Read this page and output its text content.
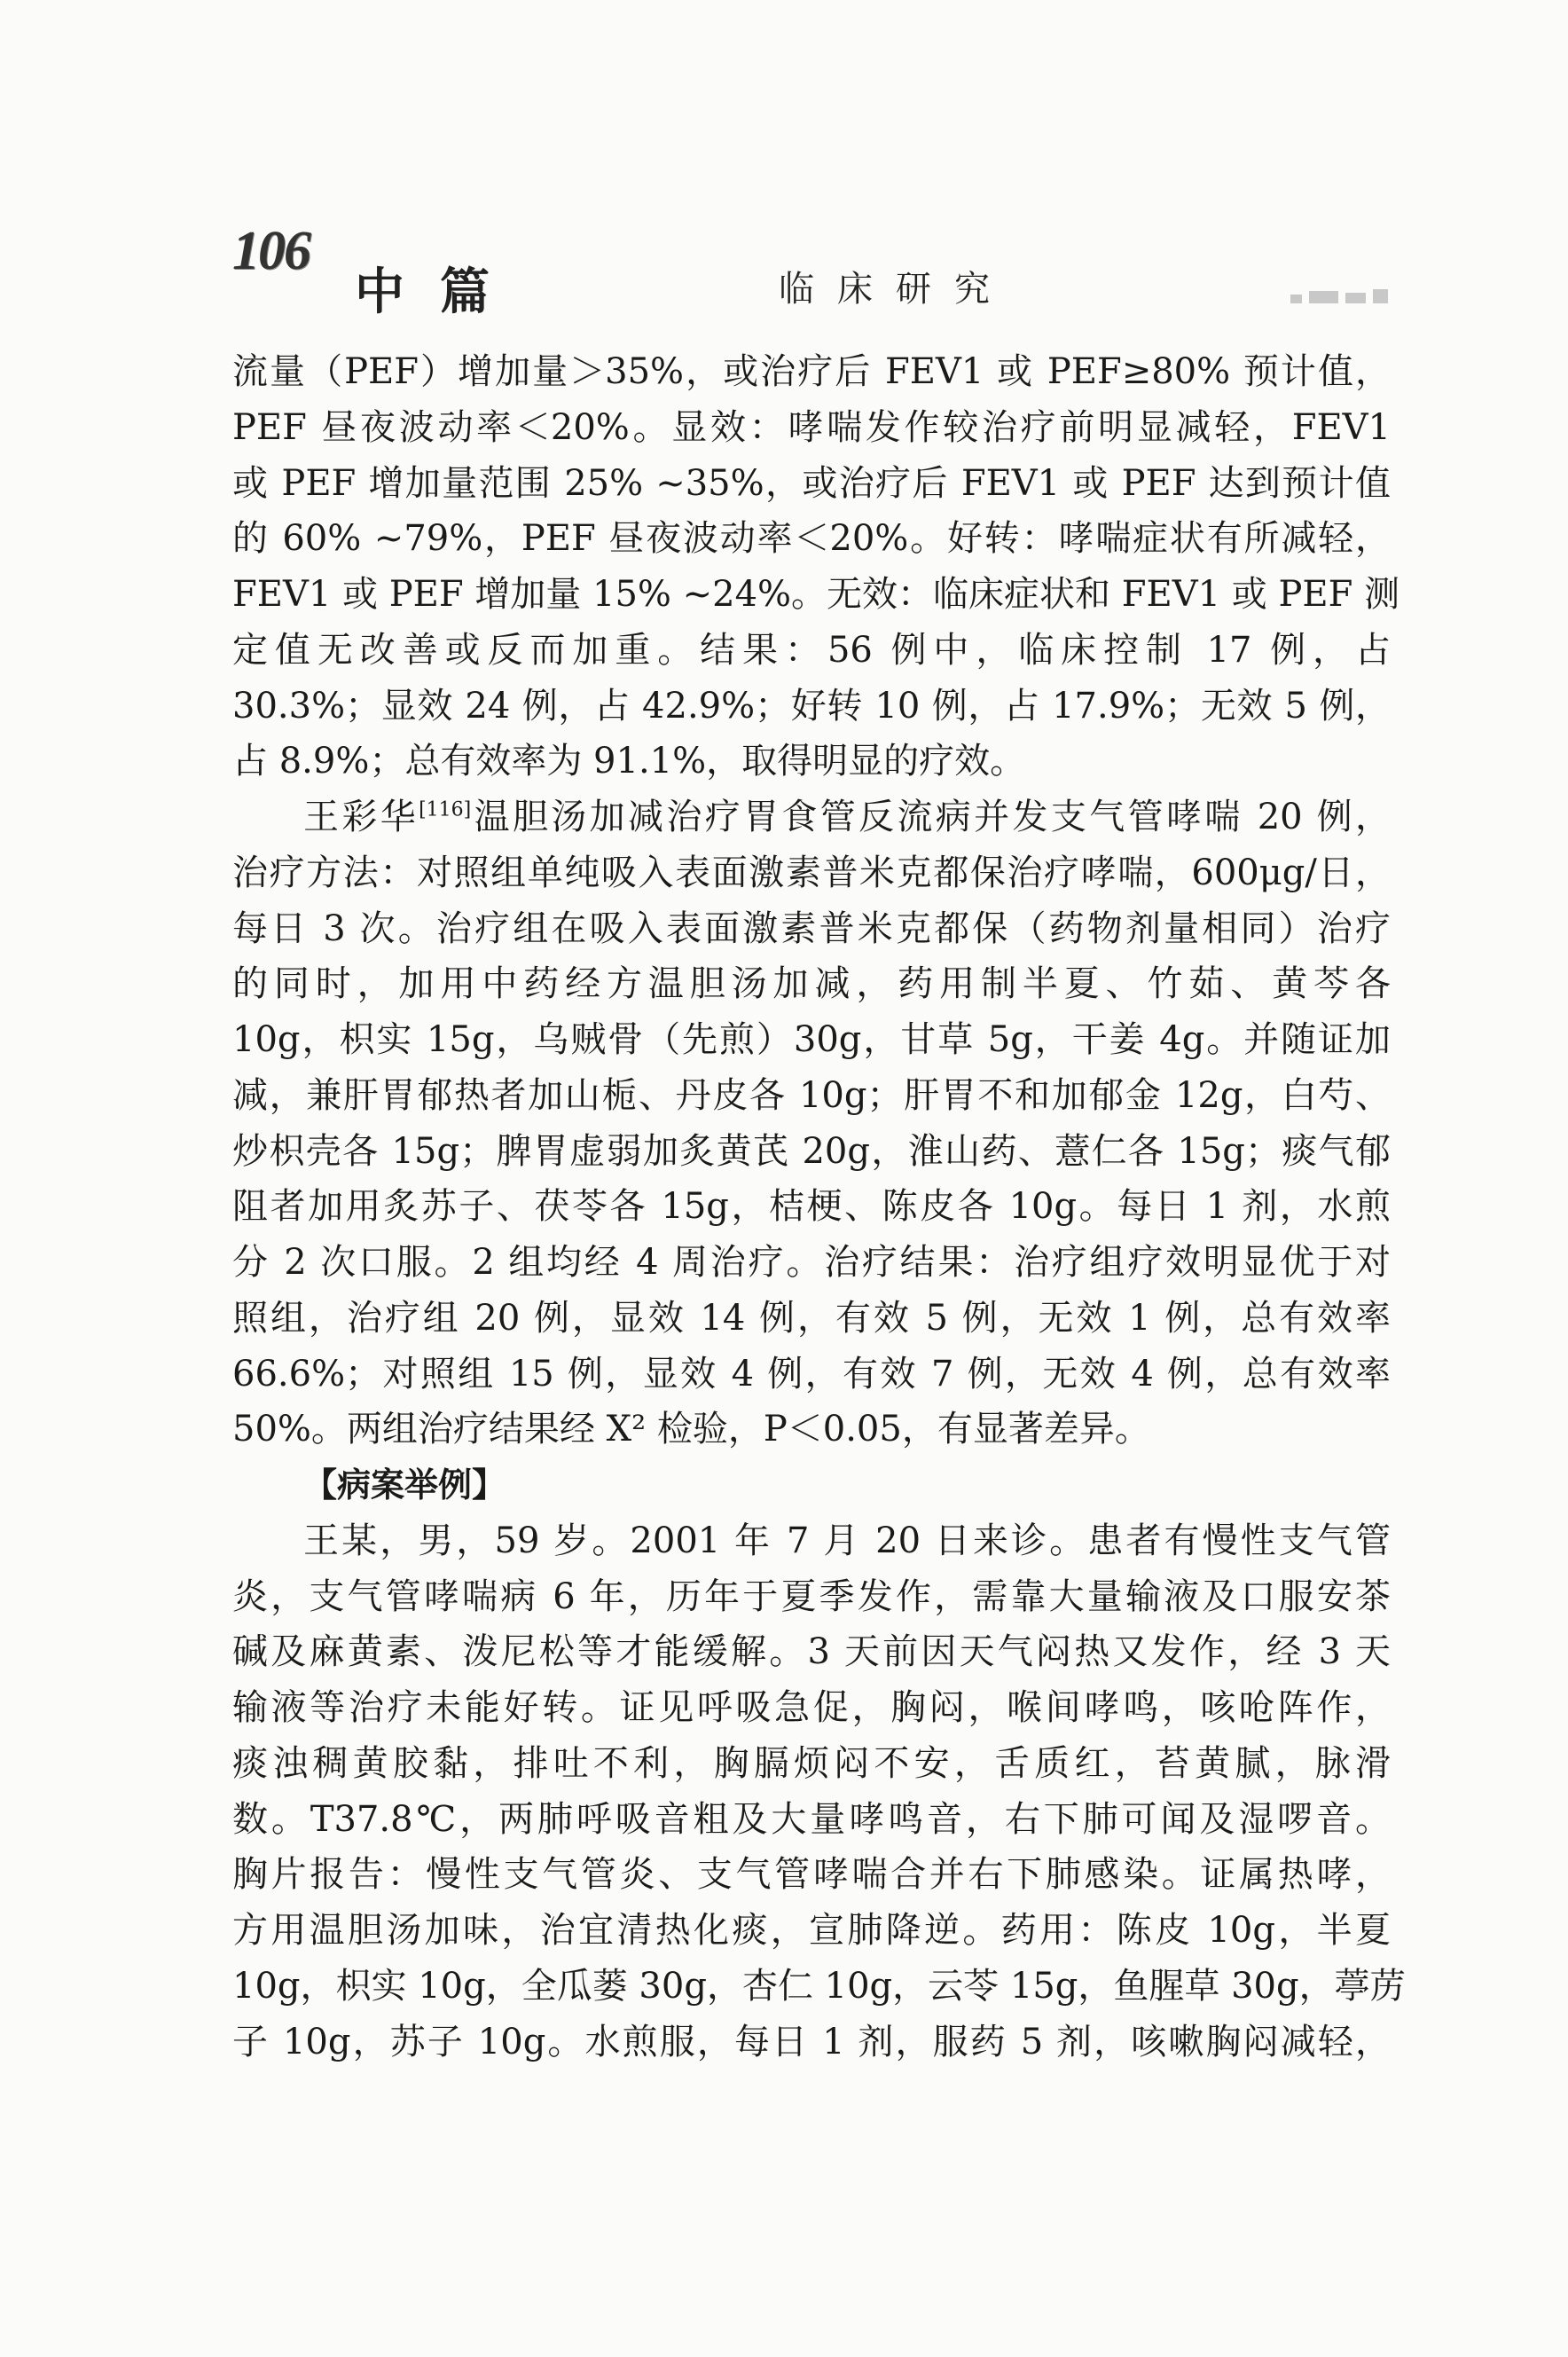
106
中篇	临床研究
流量（PEF）增加量＞35%，或治疗后 FEV1 或 PEF≥80% 预计值，
PEF 昼夜波动率＜20%。显效：哮喘发作较治疗前明显减轻，FEV1
或 PEF 增加量范围 25% ~35%，或治疗后 FEV1 或 PEF 达到预计值
的 60% ~79%，PEF 昼夜波动率＜20%。好转：哮喘症状有所减轻，
FEV1 或 PEF 增加量 15% ~24%。无效：临床症状和 FEV1 或 PEF 测
定值无改善或反而加重。结果：56 例中，临床控制 17 例，占
30.3%；显效 24 例，占 42.9%；好转 10 例，占 17.9%；无效 5 例，
占 8.9%；总有效率为 91.1%，取得明显的疗效。
王彩华[116]温胆汤加减治疗胃食管反流病并发支气管哮喘 20 例，
治疗方法：对照组单纯吸入表面激素普米克都保治疗哮喘，600μg/日，
每日 3 次。治疗组在吸入表面激素普米克都保（药物剂量相同）治疗
的同时，加用中药经方温胆汤加减，药用制半夏、竹茹、黄芩各
10g，枳实 15g，乌贼骨（先煎）30g，甘草 5g，干姜 4g。并随证加
减，兼肝胃郁热者加山栀、丹皮各 10g；肝胃不和加郁金 12g，白芍、
炒枳壳各 15g；脾胃虚弱加炙黄芪 20g，淮山药、薏仁各 15g；痰气郁
阻者加用炙苏子、茯苓各 15g，桔梗、陈皮各 10g。每日 1 剂，水煎
分 2 次口服。2 组均经 4 周治疗。治疗结果：治疗组疗效明显优于对
照组，治疗组 20 例，显效 14 例，有效 5 例，无效 1 例，总有效率
66.6%；对照组 15 例，显效 4 例，有效 7 例，无效 4 例，总有效率
50%。两组治疗结果经 X² 检验，P＜0.05，有显著差异。
【病案举例】
王某，男，59 岁。2001 年 7 月 20 日来诊。患者有慢性支气管
炎，支气管哮喘病 6 年，历年于夏季发作，需靠大量输液及口服安茶
碱及麻黄素、泼尼松等才能缓解。3 天前因天气闷热又发作，经 3 天
输液等治疗未能好转。证见呼吸急促，胸闷，喉间哮鸣，咳呛阵作，
痰浊稠黄胶黏，排吐不利，胸膈烦闷不安，舌质红，苔黄腻，脉滑
数。T37.8℃，两肺呼吸音粗及大量哮鸣音，右下肺可闻及湿啰音。
胸片报告：慢性支气管炎、支气管哮喘合并右下肺感染。证属热哮，
方用温胆汤加味，治宜清热化痰，宣肺降逆。药用：陈皮 10g，半夏
10g，枳实 10g，全瓜蒌 30g，杏仁 10g，云苓 15g，鱼腥草 30g，葶苈
子 10g，苏子 10g。水煎服，每日 1 剂，服药 5 剂，咳嗽胸闷减轻，
